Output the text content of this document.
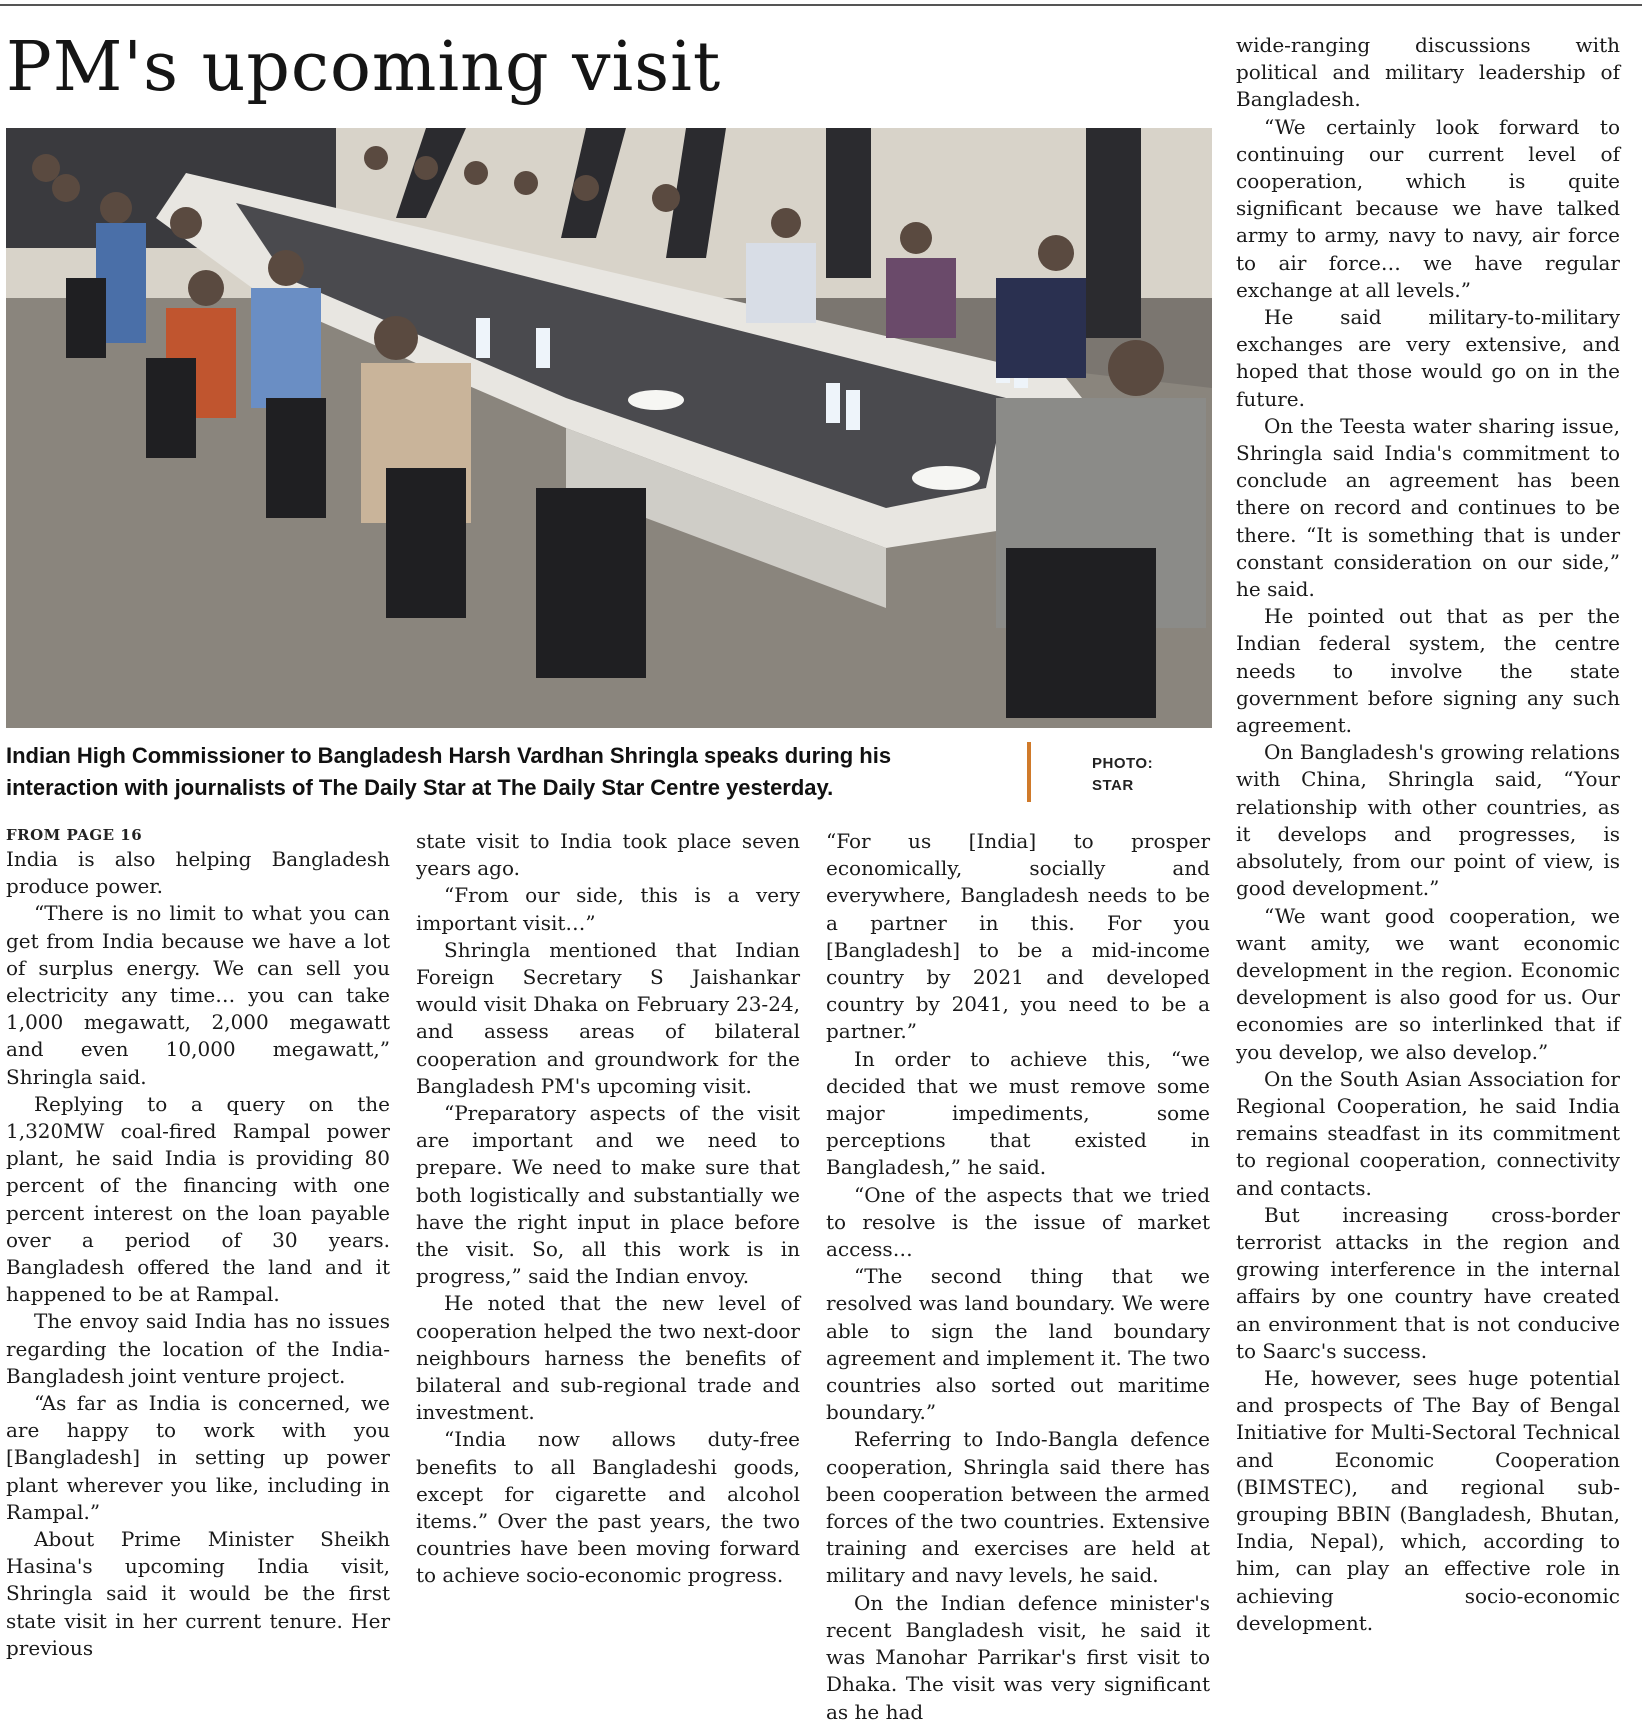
PM's upcoming visit
Indian High Commissioner to Bangladesh Harsh Vardhan Shringla speaks during his interaction with journalists of The Daily Star at The Daily Star Centre yesterday.
PHOTO:
STAR
FROM PAGE 16

India is also helping Bangladesh produce power.

“There is no limit to what you can get from India because we have a lot of surplus energy. We can sell you electricity any time… you can take 1,000 megawatt, 2,000 megawatt and even 10,000 megawatt,” Shringla said.

Replying to a query on the 1,320MW coal-fired Rampal power plant, he said India is providing 80 percent of the financing with one percent interest on the loan payable over a period of 30 years. Bangladesh offered the land and it happened to be at Rampal.

The envoy said India has no issues regarding the location of the India-Bangladesh joint venture project.

“As far as India is concerned, we are happy to work with you [Bangladesh] in setting up power plant wherever you like, including in Rampal.”

About Prime Minister Sheikh Hasina's upcoming India visit, Shringla said it would be the first state visit in her current tenure. Her previous

state visit to India took place seven years ago.

“From our side, this is a very important visit…”

Shringla mentioned that Indian Foreign Secretary S Jaishankar would visit Dhaka on February 23-24, and assess areas of bilateral cooperation and groundwork for the Bangladesh PM's upcoming visit.

“Preparatory aspects of the visit are important and we need to prepare. We need to make sure that both logistically and substantially we have the right input in place before the visit. So, all this work is in progress,” said the Indian envoy.

He noted that the new level of cooperation helped the two next-door neighbours harness the benefits of bilateral and sub-regional trade and investment.

“India now allows duty-free benefits to all Bangladeshi goods, except for cigarette and alcohol items.” Over the past years, the two countries have been moving forward to achieve socio-economic progress.

“For us [India] to prosper economically, socially and everywhere, Bangladesh needs to be a partner in this. For you [Bangladesh] to be a mid-income country by 2021 and developed country by 2041, you need to be a partner.”

In order to achieve this, “we decided that we must remove some major impediments, some perceptions that existed in Bangladesh,” he said.

“One of the aspects that we tried to resolve is the issue of market access…

“The second thing that we resolved was land boundary. We were able to sign the land boundary agreement and implement it. The two countries also sorted out maritime boundary.”

Referring to Indo-Bangla defence cooperation, Shringla said there has been cooperation between the armed forces of the two countries. Extensive training and exercises are held at military and navy levels, he said.

On the Indian defence minister's recent Bangladesh visit, he said it was Manohar Parrikar's first visit to Dhaka. The visit was very significant as he had

wide-ranging discussions with political and military leadership of Bangladesh.

“We certainly look forward to continuing our current level of cooperation, which is quite significant because we have talked army to army, navy to navy, air force to air force… we have regular exchange at all levels.”

He said military-to-military exchanges are very extensive, and hoped that those would go on in the future.

On the Teesta water sharing issue, Shringla said India's commitment to conclude an agreement has been there on record and continues to be there. “It is something that is under constant consideration on our side,” he said.

He pointed out that as per the Indian federal system, the centre needs to involve the state government before signing any such agreement.

On Bangladesh's growing relations with China, Shringla said, “Your relationship with other countries, as it develops and progresses, is absolutely, from our point of view, is good development.”

“We want good cooperation, we want amity, we want economic development in the region. Economic development is also good for us. Our economies are so interlinked that if you develop, we also develop.”

On the South Asian Association for Regional Cooperation, he said India remains steadfast in its commitment to regional cooperation, connectivity and contacts.

But increasing cross-border terrorist attacks in the region and growing interference in the internal affairs by one country have created an environment that is not conducive to Saarc's success.

He, however, sees huge potential and prospects of The Bay of Bengal Initiative for Multi-Sectoral Technical and Economic Cooperation (BIMSTEC), and regional sub-grouping BBIN (Bangladesh, Bhutan, India, Nepal), which, according to him, can play an effective role in achieving socio-economic development.
